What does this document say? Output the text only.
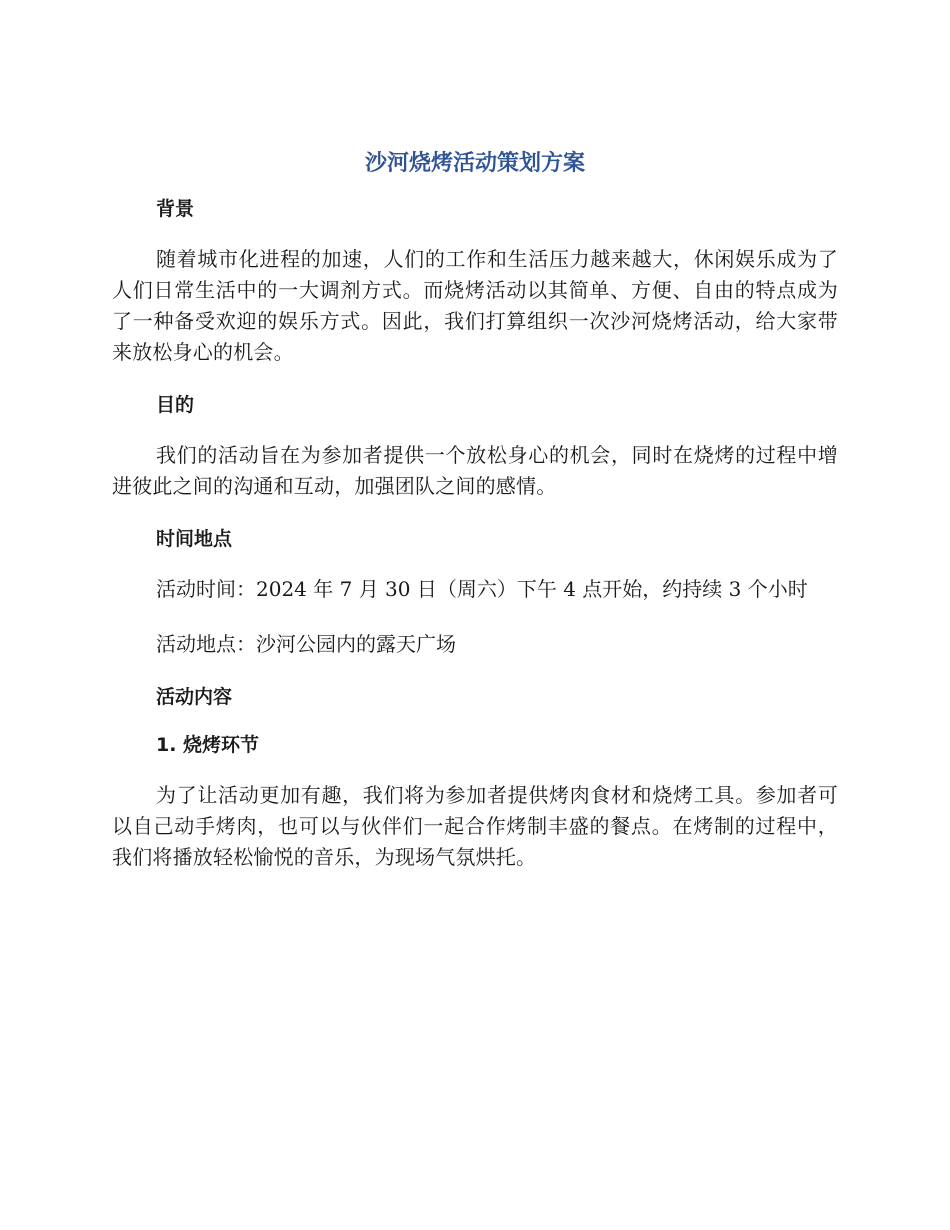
沙河烧烤活动策划方案
背景

随着城市化进程的加速，人们的工作和生活压力越来越大，休闲娱乐成为了人们日常生活中的一大调剂方式。而烧烤活动以其简单、方便、自由的特点成为了一种备受欢迎的娱乐方式。因此，我们打算组织一次沙河烧烤活动，给大家带来放松身心的机会。

目的

我们的活动旨在为参加者提供一个放松身心的机会，同时在烧烤的过程中增进彼此之间的沟通和互动，加强团队之间的感情。

时间地点

活动时间：2024 年 7 月 30 日（周六）下午 4 点开始，约持续 3 个小时

活动地点：沙河公园内的露天广场

活动内容
1. 烧烤环节

为了让活动更加有趣，我们将为参加者提供烤肉食材和烧烤工具。参加者可以自己动手烤肉，也可以与伙伴们一起合作烤制丰盛的餐点。在烤制的过程中，我们将播放轻松愉悦的音乐，为现场气氛烘托。
